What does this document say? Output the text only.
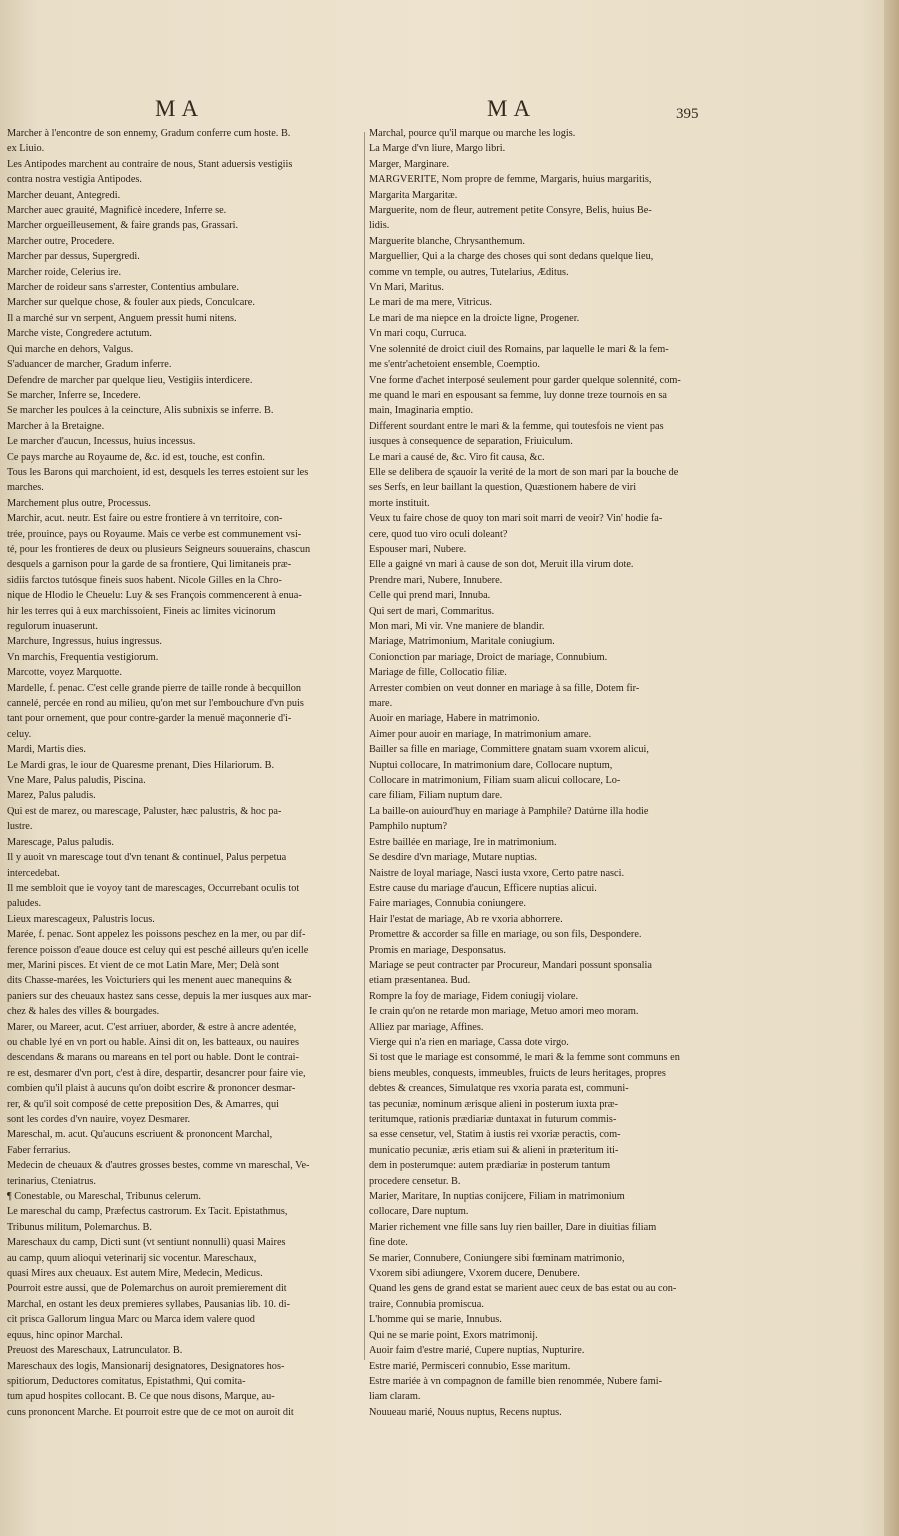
MA	MA	395
Marcher à l'encontre de son ennemy, Gradum conferre cum hoste. B.
ex Liuio.
Les Antipodes marchent au contraire de nous, Stant aduersis vestigiis
contra nostra vestigia Antipodes.
Marcher deuant, Antegredi.
Marcher auec grauité, Magnificè incedere, Inferre se.
Marcher orgueilleusement, & faire grands pas, Grassari.
Marcher outre, Procedere.
Marcher par dessus, Supergredi.
Marcher roide, Celerius ire.
Marcher de roideur sans s'arrester, Contentius ambulare.
Marcher sur quelque chose, & fouler aux pieds, Conculcare.
Il a marché sur vn serpent, Anguem pressit humi nitens.
Marche viste, Congredere actutum.
Qui marche en dehors, Valgus.
S'aduancer de marcher, Gradum inferre.
Defendre de marcher par quelque lieu, Vestigiis interdicere.
Se marcher, Inferre se, Incedere.
Se marcher les poulces à la ceincture, Alis subnixis se inferre. B.
Marcher à la Bretaigne.
Le marcher d'aucun, Incessus, huius incessus.
Ce pays marche au Royaume de, &c. id est, touche, est confin.
Tous les Barons qui marchoient, id est, desquels les terres estoient sur les
marches.
Marchement plus outre, Processus.
Marchir, acut. neutr. Est faire ou estre frontiere à vn territoire, con-
trée, prouince, pays ou Royaume. Mais ce verbe est communement vsi-
té, pour les frontieres de deux ou plusieurs Seigneurs souuerains, chascun
desquels a garnison pour la garde de sa frontiere, Qui limitaneis præ-
sidiis farctos tutósque fineis suos habent. Nicole Gilles en la Chro-
nique de Hlodio le Cheuelu: Luy & ses François commencerent à enua-
hir les terres qui à eux marchissoient, Fineis ac limites vicinorum
regulorum inuaserunt.
Marchure, Ingressus, huius ingressus.
Vn marchis, Frequentia vestigiorum.
Marcotte, voyez Marquotte.
Mardelle, f. penac. C'est celle grande pierre de taille ronde à becquillon
cannelé, percée en rond au milieu, qu'on met sur l'embouchure d'vn puis
tant pour ornement, que pour contre-garder la menuë maçonnerie d'i-
celuy.
Mardi, Martis dies.
Le Mardi gras, le iour de Quaresme prenant, Dies Hilariorum. B.
Vne Mare, Palus paludis, Piscina.
Marez, Palus paludis.
Qui est de marez, ou marescage, Paluster, hæc palustris, & hoc pa-
lustre.
Marescage, Palus paludis.
Il y auoit vn marescage tout d'vn tenant & continuel, Palus perpetua
intercedebat.
Il me sembloit que ie voyoy tant de marescages, Occurrebant oculis tot
paludes.
Lieux marescageux, Palustris locus.
Marée, f. penac. Sont appelez les poissons peschez en la mer, ou par dif-
ference poisson d'eaue douce est celuy qui est pesché ailleurs qu'en icelle
mer, Marini pisces. Et vient de ce mot Latin Mare, Mer; Delà sont
dits Chasse-marées, les Voicturiers qui les menent auec manequins &
paniers sur des cheuaux hastez sans cesse, depuis la mer iusques aux mar-
chez & hales des villes & bourgades.
Marer, ou Mareer, acut. C'est arriuer, aborder, & estre à ancre adentée,
ou chable lyé en vn port ou hable. Ainsi dit on, les batteaux, ou nauires
descendans & marans ou mareans en tel port ou hable. Dont le contrai-
re est, desmarer d'vn port, c'est à dire, despartir, desancrer pour faire vie,
combien qu'il plaist à aucuns qu'on doibt escrire & prononcer desmar-
rer, & qu'il soit composé de cette preposition Des, & Amarres, qui
sont les cordes d'vn nauire, voyez Desmarer.
Mareschal, m. acut. Qu'aucuns escriuent & prononcent Marchal,
Faber ferrarius.
Medecin de cheuaux & d'autres grosses bestes, comme vn mareschal, Ve-
terinarius, Cteniatrus.
¶ Conestable, ou Mareschal, Tribunus celerum.
Le mareschal du camp, Præfectus castrorum. Ex Tacit. Epistathmus,
Tribunus militum, Polemarchus. B.
Mareschaux du camp, Dicti sunt (vt sentiunt nonnulli) quasi Maires
au camp, quum alioqui veterinarij sic vocentur. Mareschaux,
quasi Mires aux cheuaux. Est autem Mire, Medecin, Medicus.
Pourroit estre aussi, que de Polemarchus on auroit premierement dit
Marchal, en ostant les deux premieres syllabes, Pausanias lib. 10. di-
cit prisca Gallorum lingua Marc ou Marca idem valere quod
equus, hinc opinor Marchal.
Preuost des Mareschaux, Latrunculator. B.
Mareschaux des logis, Mansionarij designatores, Designatores hos-
spitiorum, Deductores comitatus, Epistathmi, Qui comita-
tum apud hospites collocant. B. Ce que nous disons, Marque, au-
cuns prononcent Marche. Et pourroit estre que de ce mot on auroit dit
Marchal, pource qu'il marque ou marche les logis.
La Marge d'vn liure, Margo libri.
Marger, Marginare.
MARGVERITE, Nom propre de femme, Margaris, huius margaritis,
Margarita Margaritæ.
Marguerite, nom de fleur, autrement petite Consyre, Belis, huius Be-
lidis.
Marguerite blanche, Chrysanthemum.
Marguellier, Qui a la charge des choses qui sont dedans quelque lieu,
comme vn temple, ou autres, Tutelarius, Æditus.
Vn Mari, Maritus.
Le mari de ma mere, Vitricus.
Le mari de ma niepce en la droicte ligne, Progener.
Vn mari coqu, Curruca.
Vne solennité de droict ciuil des Romains, par laquelle le mari & la fem-
me s'entr'achetoient ensemble, Coemptio.
Vne forme d'achet interposé seulement pour garder quelque solennité, com-
me quand le mari en espousant sa femme, luy donne treze tournois en sa
main, Imaginaria emptio.
Different sourdant entre le mari & la femme, qui toutesfois ne vient pas
iusques à consequence de separation, Friuiculum.
Le mari a causé de, &c. Viro fit causa, &c.
Elle se delibera de sçauoir la verité de la mort de son mari par la bouche de
ses Serfs, en leur baillant la question, Quæstionem habere de viri
morte instituit.
Veux tu faire chose de quoy ton mari soit marri de veoir? Vin' hodie fa-
cere, quod tuo viro oculi doleant?
Espouser mari, Nubere.
Elle a gaigné vn mari à cause de son dot, Meruit illa virum dote.
Prendre mari, Nubere, Innubere.
Celle qui prend mari, Innuba.
Qui sert de mari, Commaritus.
Mon mari, Mi vir. Vne maniere de blandir.
Mariage, Matrimonium, Maritale coniugium.
Conionction par mariage, Droict de mariage, Connubium.
Mariage de fille, Collocatio filiæ.
Arrester combien on veut donner en mariage à sa fille, Dotem fir-
mare.
Auoir en mariage, Habere in matrimonio.
Aimer pour auoir en mariage, In matrimonium amare.
Bailler sa fille en mariage, Committere gnatam suam vxorem alicui,
Nuptui collocare, In matrimonium dare, Collocare nuptum,
Collocare in matrimonium, Filiam suam alicui collocare, Lo-
care filiam, Filiam nuptum dare.
La baille-on auiourd'huy en mariage à Pamphile? Datúrne illa hodie
Pamphilo nuptum?
Estre baillée en mariage, Ire in matrimonium.
Se desdire d'vn mariage, Mutare nuptias.
Naistre de loyal mariage, Nasci iusta vxore, Certo patre nasci.
Estre cause du mariage d'aucun, Efficere nuptias alicui.
Faire mariages, Connubia coniungere.
Hair l'estat de mariage, Ab re vxoria abhorrere.
Promettre & accorder sa fille en mariage, ou son fils, Despondere.
Promis en mariage, Desponsatus.
Mariage se peut contracter par Procureur, Mandari possunt sponsalia
etiam præsentanea. Bud.
Rompre la foy de mariage, Fidem coniugij violare.
Ie crain qu'on ne retarde mon mariage, Metuo amori meo moram.
Alliez par mariage, Affines.
Vierge qui n'a rien en mariage, Cassa dote virgo.
Si tost que le mariage est consommé, le mari & la femme sont communs en
biens meubles, conquests, immeubles, fruicts de leurs heritages, propres
debtes & creances, Simulatque res vxoria parata est, communi-
tas pecuniæ, nominum ærisque alieni in posterum iuxta præ-
teritumque, rationis prædiariæ duntaxat in futurum commis-
sa esse censetur, vel, Statim à iustis rei vxoriæ peractis, com-
municatio pecuniæ, æris etiam sui & alieni in præteritum iti-
dem in posterumque: autem prædiariæ in posterum tantum
procedere censetur. B.
Marier, Maritare, In nuptias conijcere, Filiam in matrimonium
collocare, Dare nuptum.
Marier richement vne fille sans luy rien bailler, Dare in diuitias filiam
fine dote.
Se marier, Connubere, Coniungere sibi fœminam matrimonio,
Vxorem sibi adiungere, Vxorem ducere, Denubere.
Quand les gens de grand estat se marient auec ceux de bas estat ou au con-
traire, Connubia promiscua.
L'homme qui se marie, Innubus.
Qui ne se marie point, Exors matrimonij.
Auoir faim d'estre marié, Cupere nuptias, Nupturire.
Estre marié, Permisceri connubio, Esse maritum.
Estre mariée à vn compagnon de famille bien renommée, Nubere fami-
liam claram.
Nouueau marié, Nouus nuptus, Recens nuptus.
